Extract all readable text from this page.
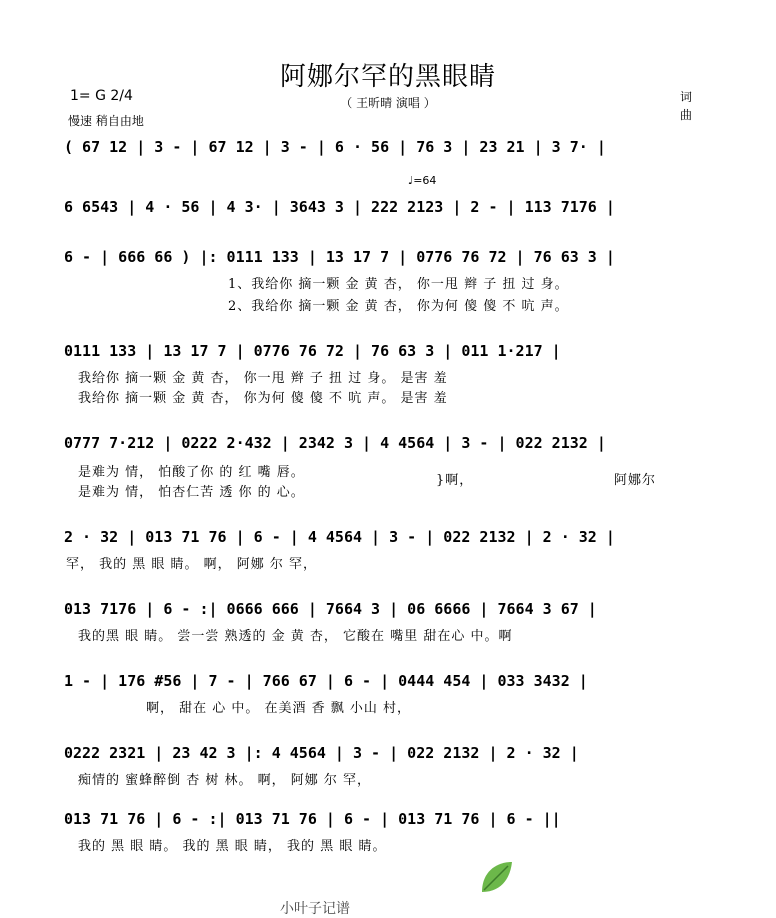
阿娜尔罕的黑眼睛
（ 王昕晴 演唱 ）
1= G 2/4
慢速 稍自由地
词
曲
( 67 12 | 3 - | 67 12 | 3 - | 6 · 56 | 76 3 | 23 21 | 3 7· |
♩=64
6 6543 | 4 · 56 | 4 3· | 3643 3 | 222 2123 | 2 - | 113 7176 |
6 - | 666 66 ) |: 0111 133 | 13 17 7 | 0776 76 72 | 76 63 3 |
1、我给你 摘一颗 金 黄 杏， 你一甩 辫 子 扭 过 身。
2、我给你 摘一颗 金 黄 杏， 你为何 傻 傻 不 吭 声。
0111 133 | 13 17 7 | 0776 76 72 | 76 63 3 | 011 1·217 |
我给你 摘一颗 金 黄 杏， 你一甩 辫 子 扭 过 身。 是害 羞
我给你 摘一颗 金 黄 杏， 你为何 傻 傻 不 吭 声。 是害 羞
0777 7·212 | 0222 2·432 | 2342 3 | 4 4564 | 3 - | 022 2132 |
是难为 情， 怕酸了你 的 红 嘴 唇。
是难为 情， 怕杏仁苦 透 你 的 心。
}啊，	阿娜尔
2 · 32 | 013 71 76 | 6 - | 4 4564 | 3 - | 022 2132 | 2 · 32 |
罕， 我的 黑 眼 睛。 啊， 阿娜 尔 罕，
013 7176 | 6 - :| 0666 666 | 7664 3 | 06 6666 | 7664 3 67 |
我的黑 眼 睛。 尝一尝 熟透的 金 黄 杏， 它酸在 嘴里 甜在心 中。啊
1 - | 176 #56 | 7 - | 766 67 | 6 - | 0444 454 | 033 3432 |
啊， 甜在 心 中。 在美酒 香 飘 小山 村，
0222 2321 | 23 42 3 |: 4 4564 | 3 - | 022 2132 | 2 · 32 |
痴情的 蜜蜂醉倒 杏 树 林。 啊， 阿娜 尔 罕，
013 71 76 | 6 - :| 013 71 76 | 6 - | 013 71 76 | 6 - ||
我的 黑 眼 睛。 我的 黑 眼 睛， 我的 黑 眼 睛。
小叶子记谱
